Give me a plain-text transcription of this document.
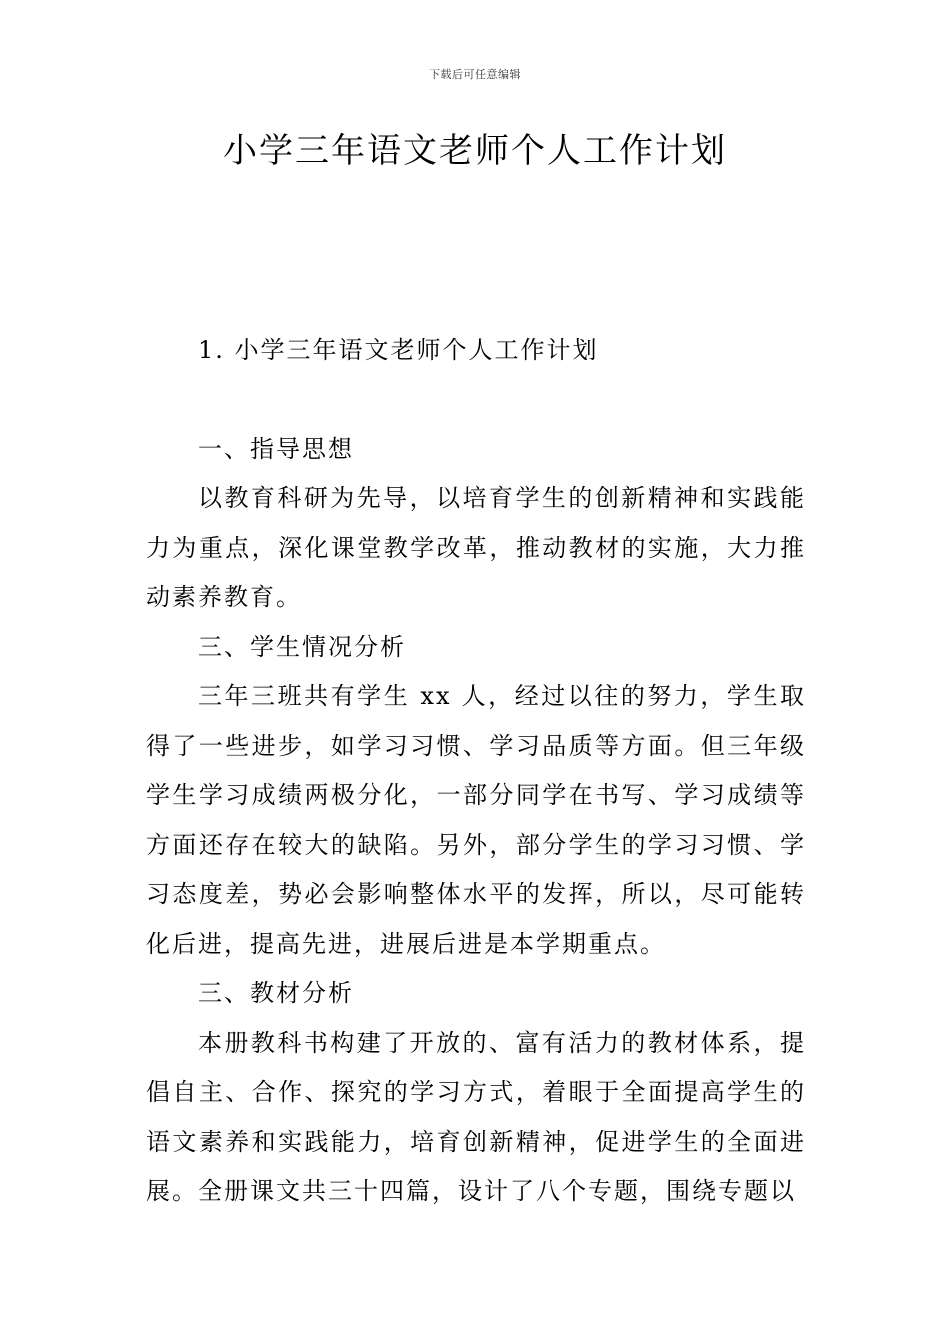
下载后可任意编辑
小学三年语文老师个人工作计划

1. 小学三年语文老师个人工作计划

一、指导思想

以教育科研为先导，以培育学生的创新精神和实践能力为重点，深化课堂教学改革，推动教材的实施，大力推动素养教育。

三、学生情况分析

三年三班共有学生 xx 人，经过以往的努力，学生取得了一些进步，如学习习惯、学习品质等方面。但三年级学生学习成绩两极分化，一部分同学在书写、学习成绩等方面还存在较大的缺陷。另外，部分学生的学习习惯、学习态度差，势必会影响整体水平的发挥，所以，尽可能转化后进，提高先进，进展后进是本学期重点。

三、教材分析

本册教科书构建了开放的、富有活力的教材体系，提倡自主、合作、探究的学习方式，着眼于全面提高学生的语文素养和实践能力，培育创新精神，促进学生的全面进展。全册课文共三十四篇，设计了八个专题，围绕专题以
